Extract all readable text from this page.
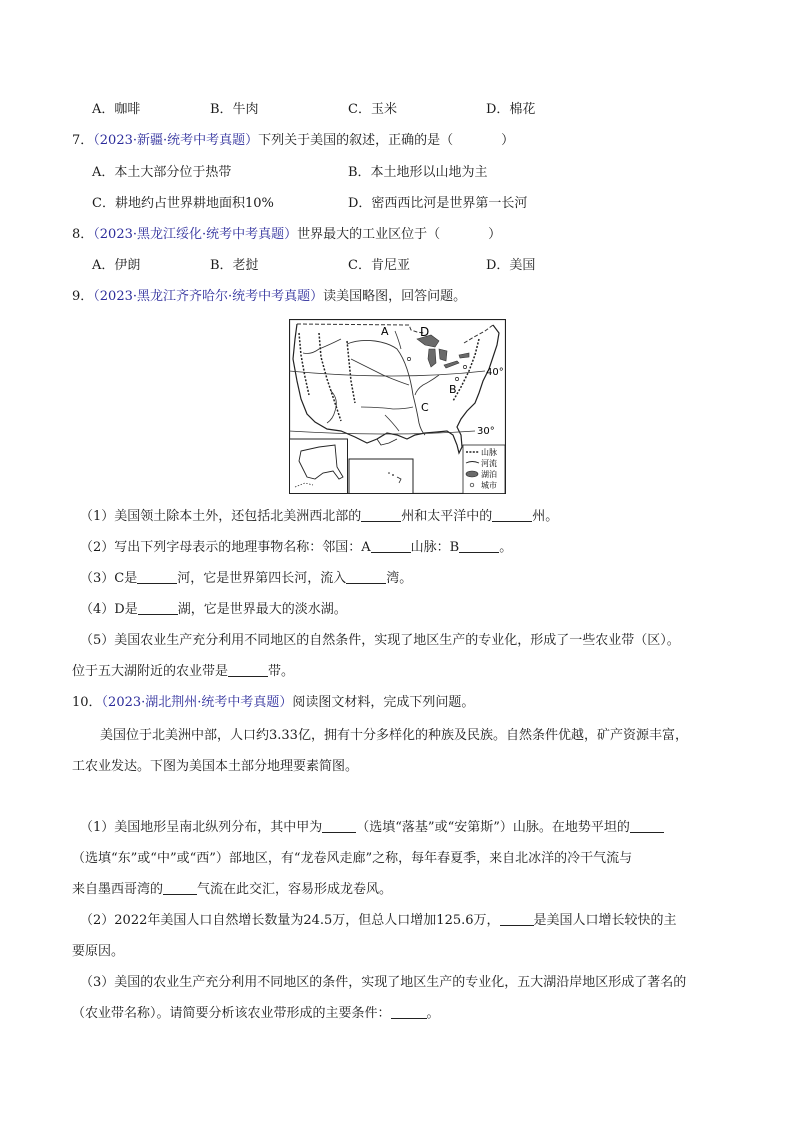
A．咖啡	B．牛肉	C．玉米	D．棉花
7．（2023·新疆·统考中考真题）下列关于美国的叙述，正确的是（	）
A．本土大部分位于热带	B．本土地形以山地为主
C．耕地约占世界耕地面积10%	D．密西西比河是世界第一长河
8．（2023·黑龙江绥化·统考中考真题）世界最大的工业区位于（	）
A．伊朗	B．老挝	C．肯尼亚	D．美国
9．（2023·黑龙江齐齐哈尔·统考中考真题）读美国略图，回答问题。
40°
30°
A	D
B
C
山脉
河流
湖泊
城市
（1）美国领土除本土外，还包括北美洲西北部的	州和太平洋中的	州。
（2）写出下列字母表示的地理事物名称：邻国：A	山脉：B	。
（3）C是	河，它是世界第四长河，流入	湾。
（4）D是	湖，它是世界最大的淡水湖。
（5）美国农业生产充分利用不同地区的自然条件，实现了地区生产的专业化，形成了一些农业带（区）。
位于五大湖附近的农业带是	带。
10．（2023·湖北荆州·统考中考真题）阅读图文材料，完成下列问题。
美国位于北美洲中部，人口约3.33亿，拥有十分多样化的种族及民族。自然条件优越，矿产资源丰富，
工农业发达。下图为美国本土部分地理要素简图。
（1）美国地形呈南北纵列分布，其中甲为	（选填“落基”或“安第斯”）山脉。在地势平坦的
（选填“东”或“中”或“西”）部地区，有“龙卷风走廊”之称，每年春夏季，来自北冰洋的冷干气流与
来自墨西哥湾的	气流在此交汇，容易形成龙卷风。
（2）2022年美国人口自然增长数量为24.5万，但总人口增加125.6万，	是美国人口增长较快的主
要原因。
（3）美国的农业生产充分利用不同地区的条件，实现了地区生产的专业化，五大湖沿岸地区形成了著名的
（农业带名称）。请简要分析该农业带形成的主要条件：	。
